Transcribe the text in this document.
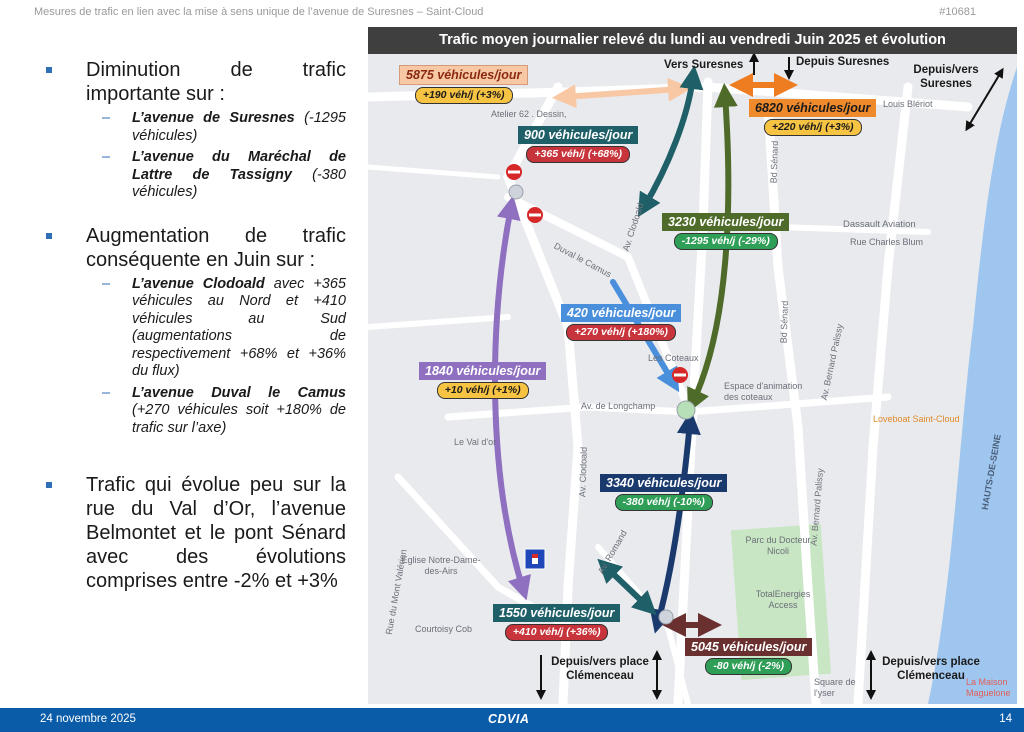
Mesures de trafic en lien avec la mise à sens unique de l’avenue de Suresnes – Saint-Cloud	#10681
Diminution de trafic importante sur :
– L’avenue de Suresnes (-1295 véhicules)
– L’avenue du Maréchal de Lattre de Tassigny (-380 véhicules)
Augmentation de trafic conséquente en Juin sur :
– L’avenue Clodoald avec +365 véhicules au Nord et +410 véhicules au Sud (augmentations de respectivement +68% et +36% du flux)
– L’avenue Duval le Camus (+270 véhicules soit +180% de trafic sur l’axe)
Trafic qui évolue peu sur la rue du Val d’Or, l’avenue Belmontet et le pont Sénard avec des évolutions comprises entre -2% et +3%
Trafic moyen journalier relevé du lundi au vendredi Juin 2025 et évolution
Atelier 62 . Dessin,
Dassault Aviation
Rue Charles Blum
Louis Blériot
Bd Sénard
Bd Sénard
Duval le Camus
Av. Clodoald
Av. Clodoald
Av. Bernard Palissy
Av. Bernard Palissy
Les Coteaux
Espace d'animation des coteaux
Av. de Longchamp
Le Val d'or
Loveboat Saint-Cloud
HAUTS-DE-SEINE
Église Notre-Dame-des-Airs
Parc du Docteur Nicoli
TotalEnergies Access
Courtoisy Cob
Av. Romand
Rue du Mont Valérien
Square de l'yser
La Maison Maguelone
Vers Suresnes	Depuis Suresnes
Depuis/vers Suresnes
Depuis/vers place Clémenceau
Depuis/vers place Clémenceau
5875 véhicules/jour
+190 véh/j (+3%)
6820 véhicules/jour
+220 véh/j (+3%)
900 véhicules/jour
+365 véh/j (+68%)
3230 véhicules/jour
-1295 véh/j (-29%)
420 véhicules/jour
+270 véh/j (+180%)
1840 véhicules/jour
+10 véh/j (+1%)
3340 véhicules/jour
-380 véh/j (-10%)
1550 véhicules/jour
+410 véh/j (+36%)
5045 véhicules/jour
-80 véh/j (-2%)
24 novembre 2025	CDVIA	14
